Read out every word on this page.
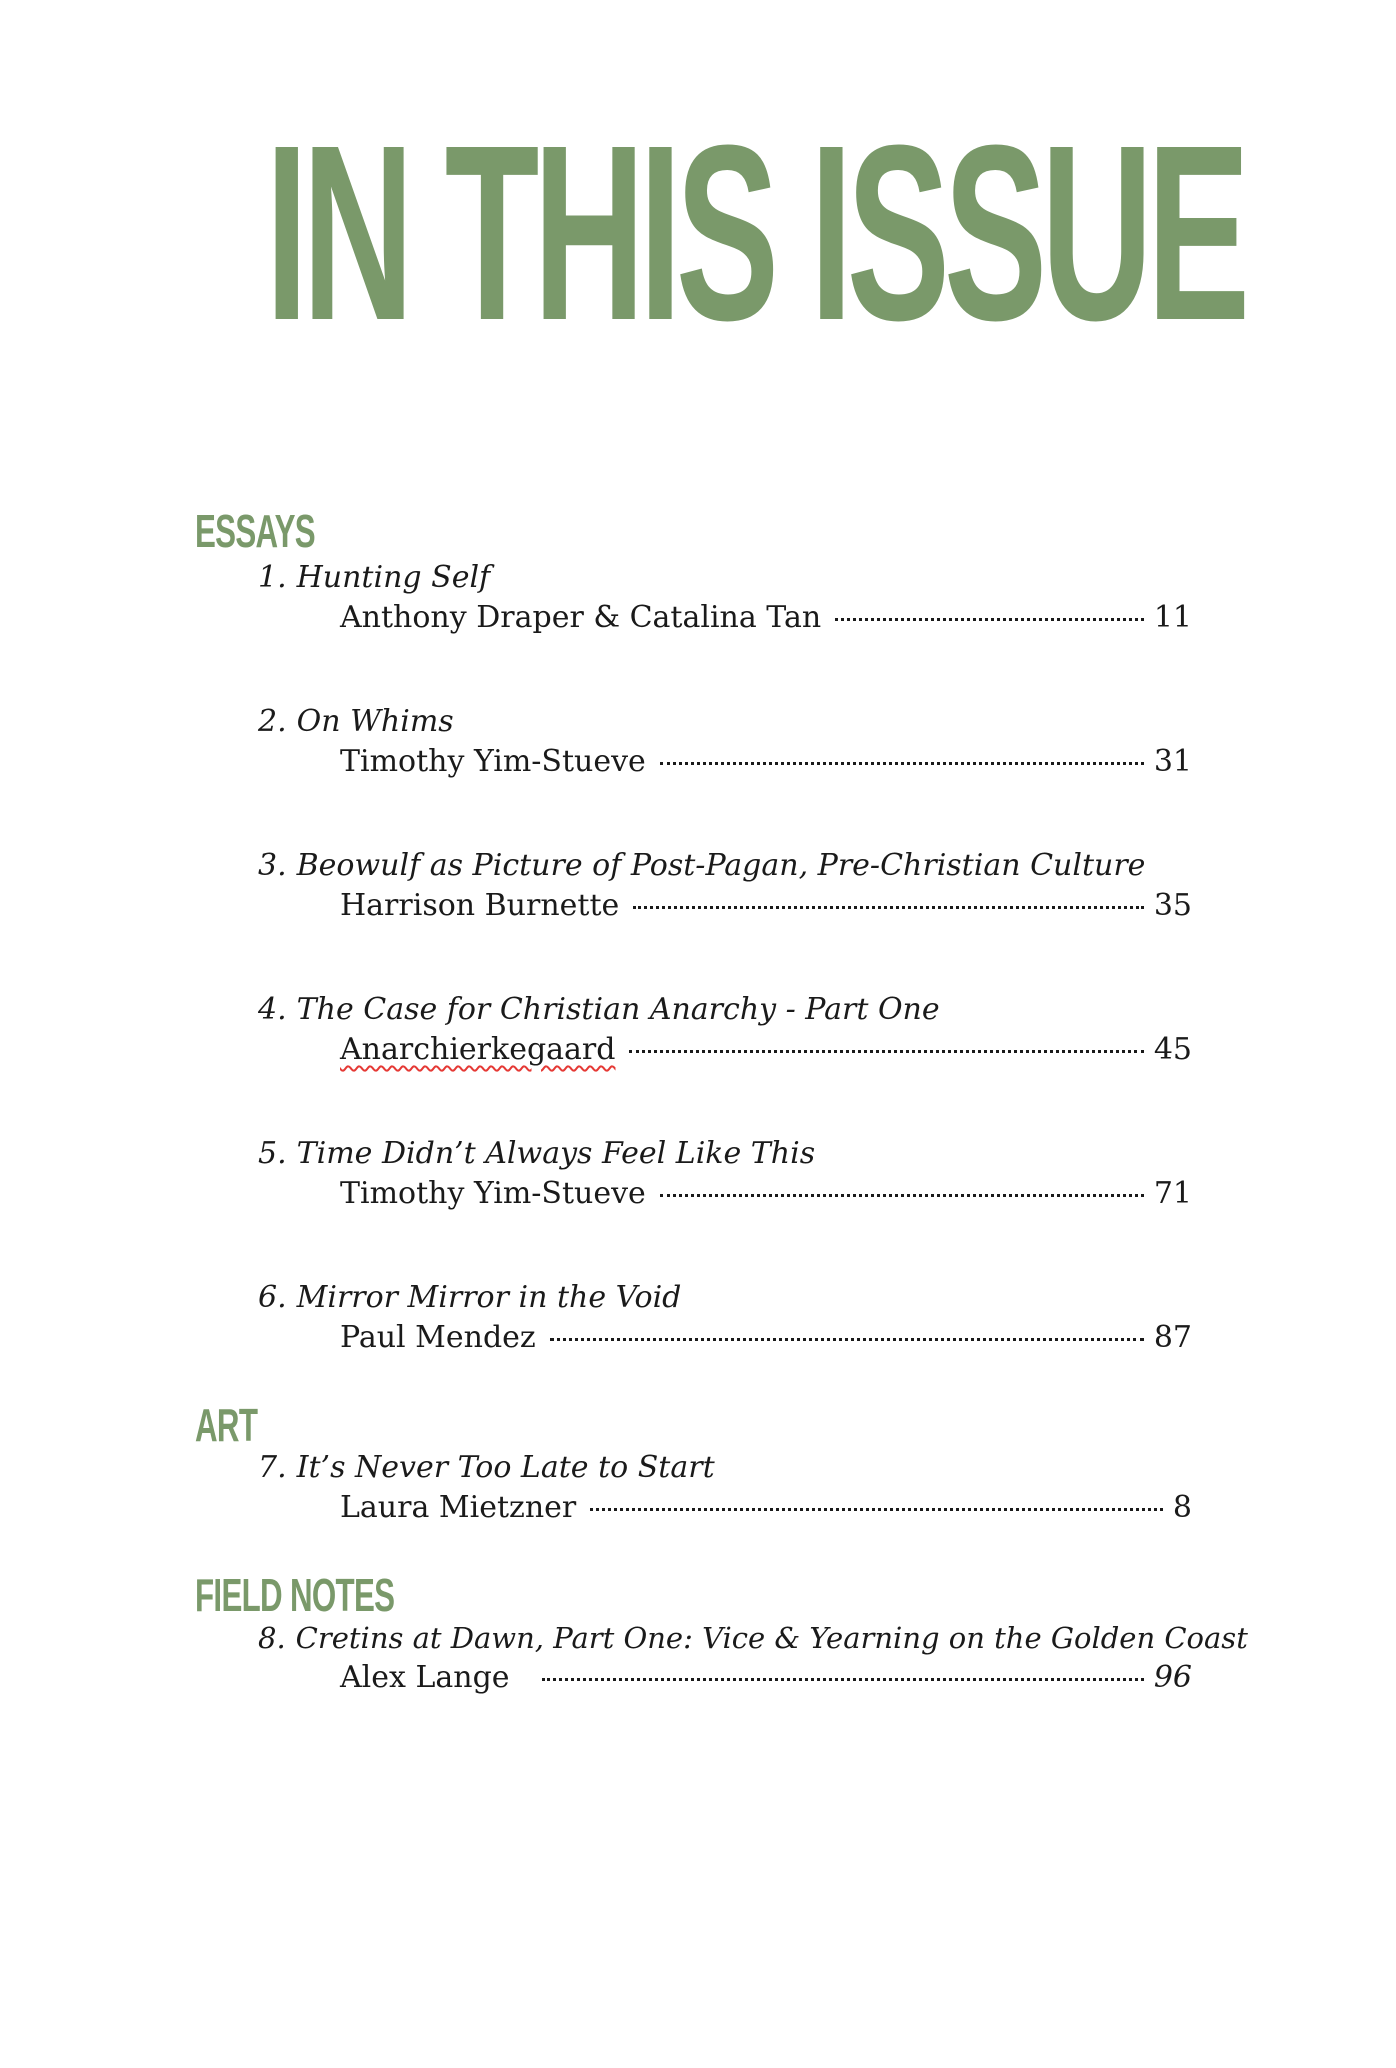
IN THIS ISSUE
ESSAYS
1. Hunting Self
Anthony Draper & Catalina Tan	11
2. On Whims
Timothy Yim-Stueve	31
3. Beowulf as Picture of Post-Pagan, Pre-Christian Culture
Harrison Burnette	35
4. The Case for Christian Anarchy - Part One
Anarchierkegaard	45
5. Time Didn’t Always Feel Like This
Timothy Yim-Stueve	71
6. Mirror Mirror in the Void
Paul Mendez	87
ART
7. It’s Never Too Late to Start
Laura Mietzner	8
FIELD NOTES
8. Cretins at Dawn, Part One: Vice & Yearning on the Golden Coast
Alex Lange	96
